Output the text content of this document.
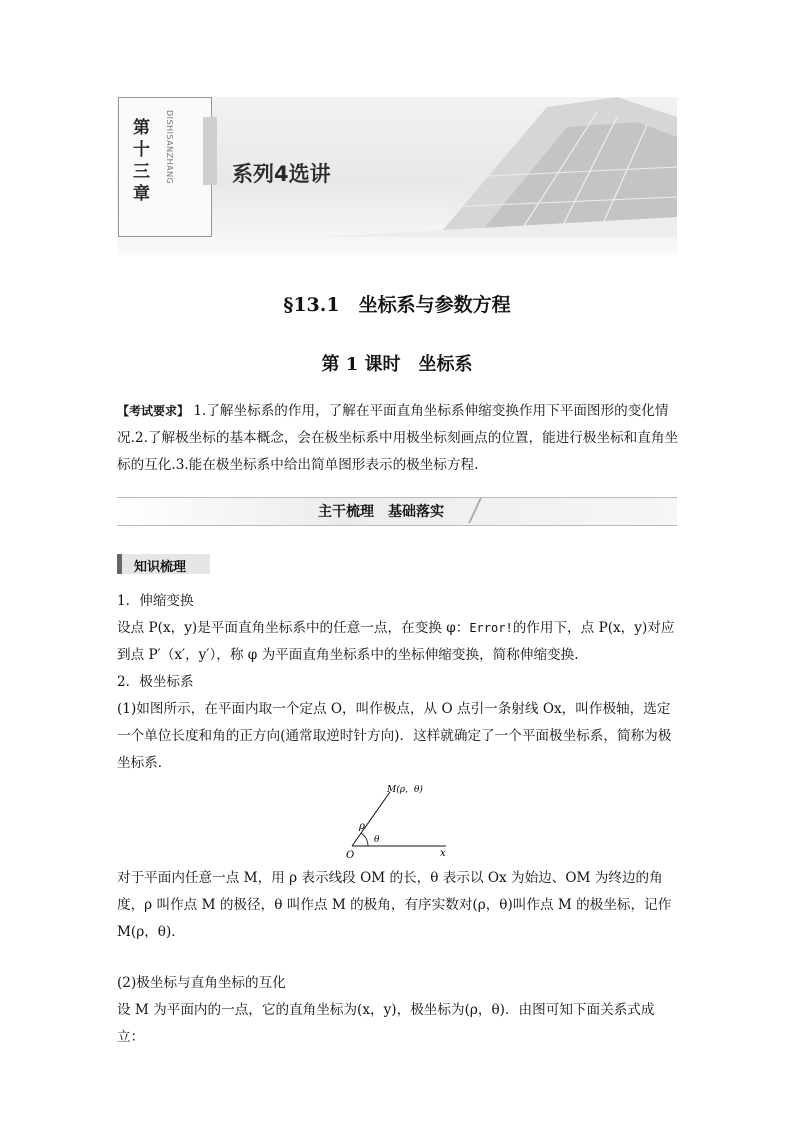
第十三章
DISHISANZHANG	系列4选讲
§13.1　坐标系与参数方程
第 1 课时　坐标系
【考试要求】 1.了解坐标系的作用，了解在平面直角坐标系伸缩变换作用下平面图形的变化情况.2.了解极坐标的基本概念，会在极坐标系中用极坐标刻画点的位置，能进行极坐标和直角坐标的互化.3.能在极坐标系中给出简单图形表示的极坐标方程.
主干梳理　基础落实
知识梳理
1．伸缩变换
设点 P(x，y)是平面直角坐标系中的任意一点，在变换 φ：Error!的作用下，点 P(x，y)对应到点 P′（x′，y′），称 φ 为平面直角坐标系中的坐标伸缩变换，简称伸缩变换.
2．极坐标系
(1)如图所示，在平面内取一个定点 O，叫作极点，从 O 点引一条射线 Ox，叫作极轴，选定一个单位长度和角的正方向(通常取逆时针方向)．这样就确定了一个平面极坐标系，简称为极坐标系．
M(ρ，θ)
ρ
θ
O	x
对于平面内任意一点 M，用 ρ 表示线段 OM 的长，θ 表示以 Ox 为始边、OM 为终边的角度，ρ 叫作点 M 的极径，θ 叫作点 M 的极角，有序实数对(ρ，θ)叫作点 M 的极坐标，记作 M(ρ，θ)．
(2)极坐标与直角坐标的互化
设 M 为平面内的一点，它的直角坐标为(x，y)，极坐标为(ρ，θ)．由图可知下面关系式成立：
